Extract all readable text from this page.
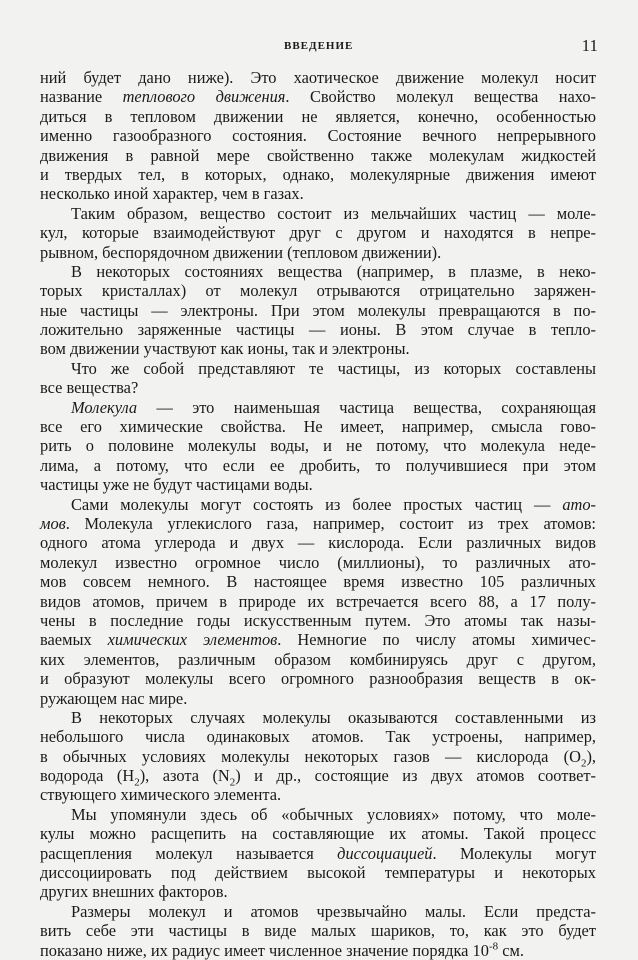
ВВЕДЕНИЕ	11
ний будет дано ниже). Это хаотическое движение молекул носит
название теплового движения. Свойство молекул вещества нахо-
диться в тепловом движении не является, конечно, особенностью
именно газообразного состояния. Состояние вечного непрерывного
движения в равной мере свойственно также молекулам жидкостей
и твердых тел, в которых, однако, молекулярные движения имеют
несколько иной характер, чем в газах.
Таким образом, вещество состоит из мельчайших частиц — моле-
кул, которые взаимодействуют друг с другом и находятся в непре-
рывном, беспорядочном движении (тепловом движении).
В некоторых состояниях вещества (например, в плазме, в неко-
торых кристаллах) от молекул отрываются отрицательно заряжен-
ные частицы — электроны. При этом молекулы превращаются в по-
ложительно заряженные частицы — ионы. В этом случае в тепло-
вом движении участвуют как ионы, так и электроны.
Что же собой представляют те частицы, из которых составлены
все вещества?
Молекула — это наименьшая частица вещества, сохраняющая
все его химические свойства. Не имеет, например, смысла гово-
рить о половине молекулы воды, и не потому, что молекула неде-
лима, а потому, что если ее дробить, то получившиеся при этом
частицы уже не будут частицами воды.
Сами молекулы могут состоять из более простых частиц — ато-
мов. Молекула углекислого газа, например, состоит из трех атомов:
одного атома углерода и двух — кислорода. Если различных видов
молекул известно огромное число (миллионы), то различных ато-
мов совсем немного. В настоящее время известно 105 различных
видов атомов, причем в природе их встречается всего 88, а 17 полу-
чены в последние годы искусственным путем. Это атомы так назы-
ваемых химических элементов. Немногие по числу атомы химичес-
ких элементов, различным образом комбинируясь друг с другом,
и образуют молекулы всего огромного разнообразия веществ в ок-
ружающем нас мире.
В некоторых случаях молекулы оказываются составленными из
небольшого числа одинаковых атомов. Так устроены, например,
в обычных условиях молекулы некоторых газов — кислорода $(O_2)$,
водорода $(H_2)$, азота $(N_2)$ и др., состоящие из двух атомов соответ-
ствующего химического элемента.
Мы упомянули здесь об «обычных условиях» потому, что моле-
кулы можно расщепить на составляющие их атомы. Такой процесс
расщепления молекул называется диссоциацией. Молекулы могут
диссоциировать под действием высокой температуры и некоторых
других внешних факторов.
Размеры молекул и атомов чрезвычайно малы. Если предста-
вить себе эти частицы в виде малых шариков, то, как это будет
показано ниже, их радиус имеет численное значение порядка $10^{-8}$ см.
